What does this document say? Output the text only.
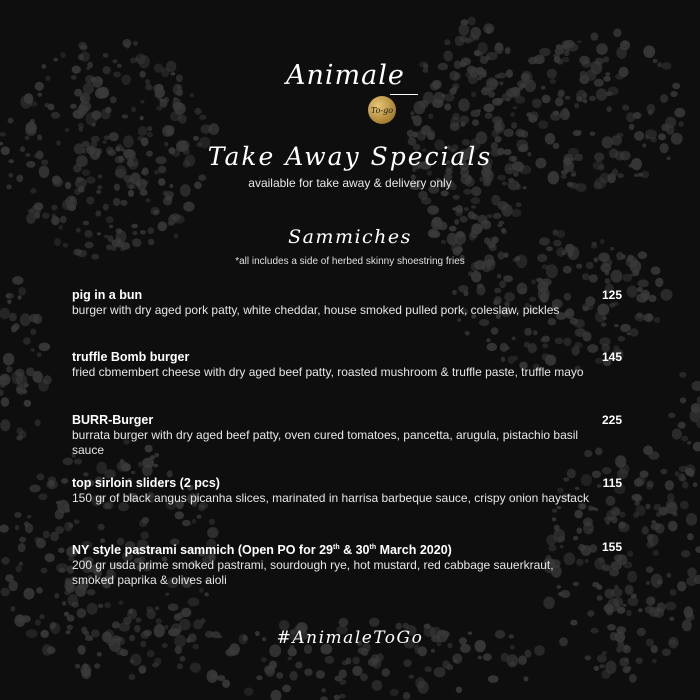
Animale
To-go
Take Away Specials
available for take away & delivery only
Sammiches
*all includes a side of herbed skinny shoestring fries
pig in a bun	125
burger with dry aged pork patty, white cheddar, house smoked pulled pork, coleslaw, pickles
truffle Bomb burger	145
fried cbmembert cheese with dry aged beef patty, roasted mushroom & truffle paste, truffle mayo
BURR-Burger	225
burrata burger with dry aged beef patty, oven cured tomatoes, pancetta, arugula, pistachio basil sauce
top sirloin sliders (2 pcs)	115
150 gr of black angus picanha slices, marinated in harrisa barbeque sauce, crispy onion haystack
NY style pastrami sammich (Open PO for 29th & 30th March 2020)	155
200 gr usda prime smoked pastrami, sourdough rye, hot mustard, red cabbage sauerkraut, smoked paprika & olives aioli
#AnimaleToGo
